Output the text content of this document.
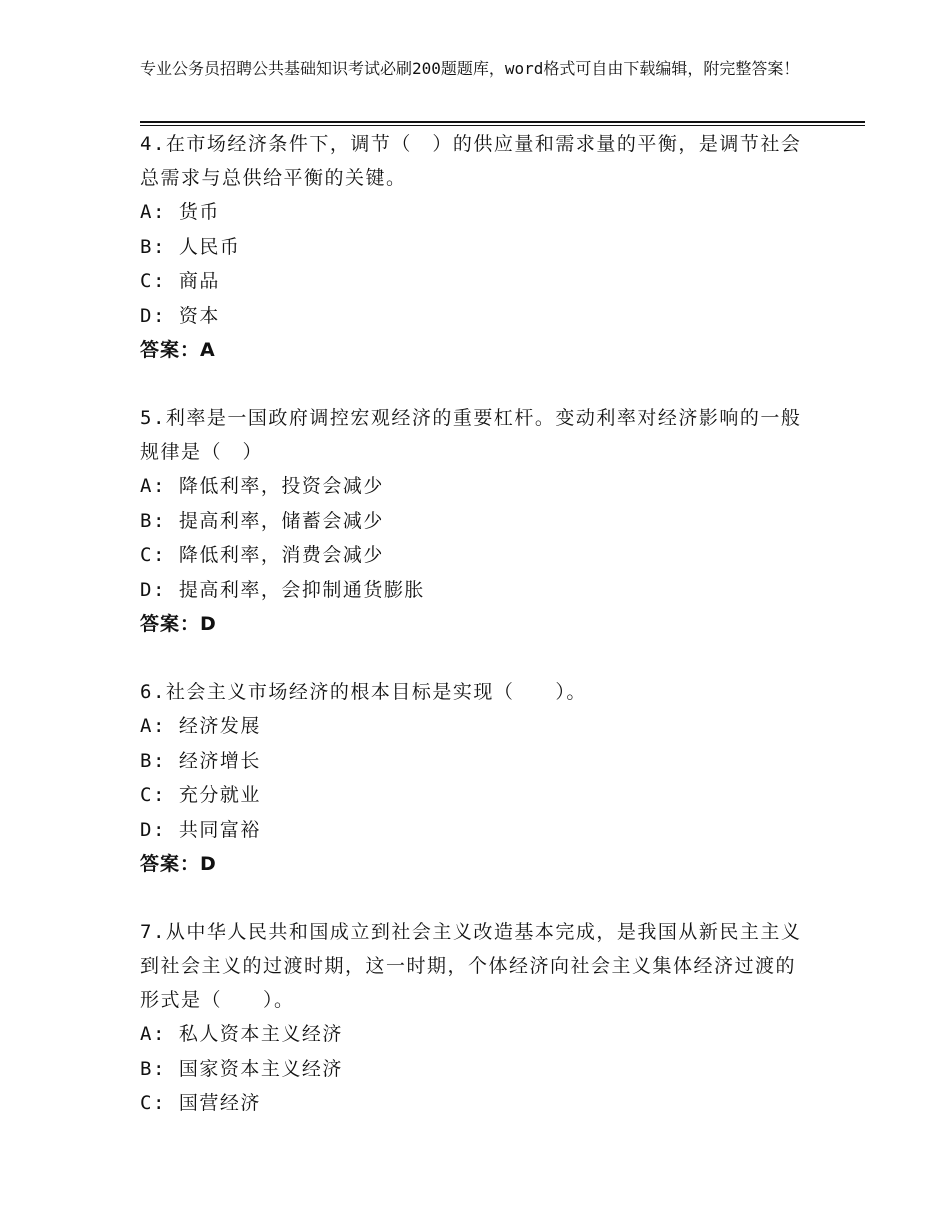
专业公务员招聘公共基础知识考试必刷200题题库，word格式可自由下载编辑，附完整答案！

4.在市场经济条件下，调节（　）的供应量和需求量的平衡，是调节社会总需求与总供给平衡的关键。

A: 货币

B: 人民币

C: 商品

D: 资本

答案：A

5.利率是一国政府调控宏观经济的重要杠杆。变动利率对经济影响的一般规律是（　）

A: 降低利率，投资会减少

B: 提高利率，储蓄会减少

C: 降低利率，消费会减少

D: 提高利率，会抑制通货膨胀

答案：D

6.社会主义市场经济的根本目标是实现（　　）。

A: 经济发展

B: 经济增长

C: 充分就业

D: 共同富裕

答案：D

7.从中华人民共和国成立到社会主义改造基本完成，是我国从新民主主义到社会主义的过渡时期，这一时期，个体经济向社会主义集体经济过渡的形式是（　　）。

A: 私人资本主义经济

B: 国家资本主义经济

C: 国营经济
